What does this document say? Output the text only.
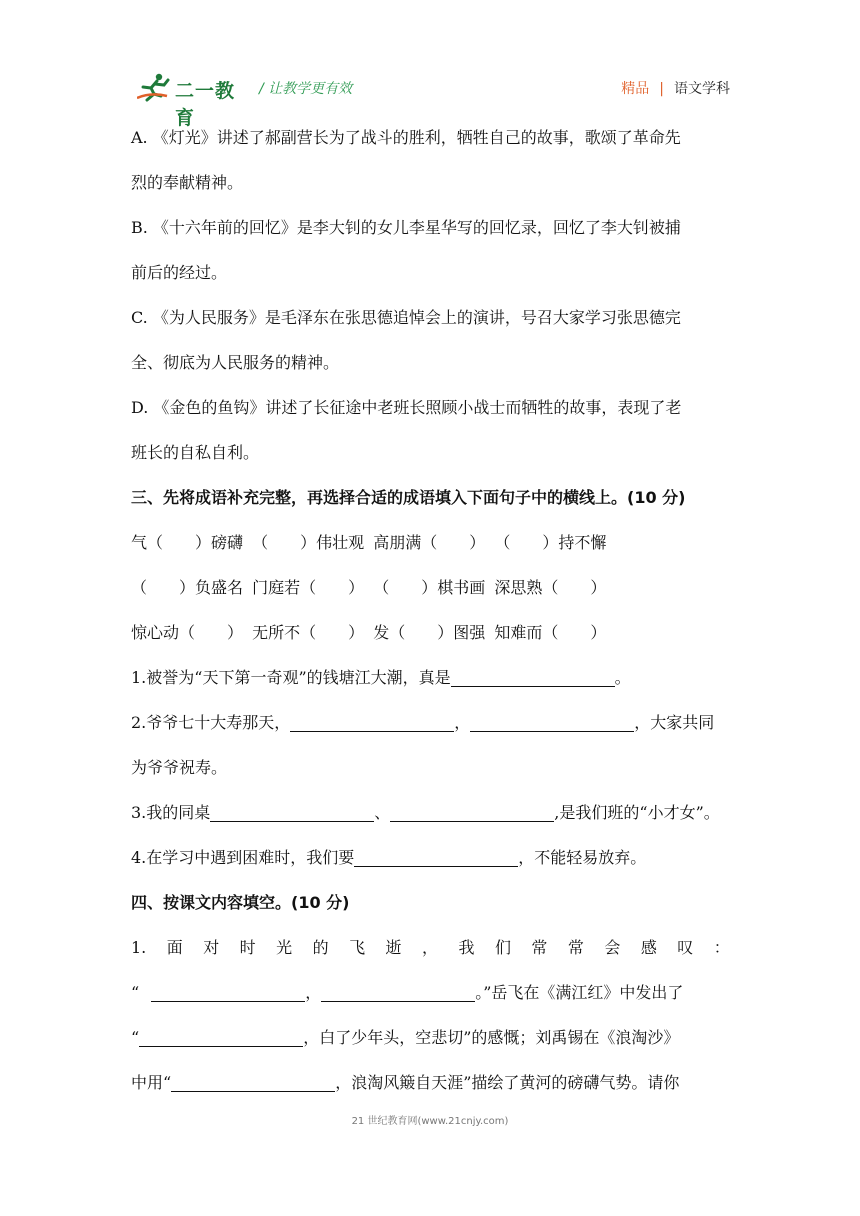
二一教育
/ 让教学更有效	精品 | 语文学科
A. 《灯光》讲述了郝副营长为了战斗的胜利，牺牲自己的故事，歌颂了革命先
烈的奉献精神。
B. 《十六年前的回忆》是李大钊的女儿李星华写的回忆录，回忆了李大钊被捕
前后的经过。
C. 《为人民服务》是毛泽东在张思德追悼会上的演讲，号召大家学习张思德完
全、彻底为人民服务的精神。
D. 《金色的鱼钩》讲述了长征途中老班长照顾小战士而牺牲的故事，表现了老
班长的自私自利。
三、先将成语补充完整，再选择合适的成语填入下面句子中的横线上。(10 分)
气（　　）磅礴 （　　）伟壮观 高朋满（　　） （　　）持不懈
（　　）负盛名 门庭若（　　） （　　）棋书画 深思熟（　　）
惊心动（　　） 无所不（　　） 发（　　）图强 知难而（　　）
1.被誉为“天下第一奇观”的钱塘江大潮，真是	。
2.爷爷七十大寿那天，	，	，大家共同
为爷爷祝寿。
3.我的同桌	、	,是我们班的“小才女”。
4.在学习中遇到困难时，我们要	，不能轻易放弃。
四、按课文内容填空。(10 分)
1. 面 对 时 光 的 飞 逝 ， 我 们 常 常 会 感 叹 ：
“	，	。”岳飞在《满江红》中发出了
“	，白了少年头，空悲切”的感慨；刘禹锡在《浪淘沙》
中用“	，浪淘风簸自天涯”描绘了黄河的磅礴气势。请你
21 世纪教育网(www.21cnjy.com)
